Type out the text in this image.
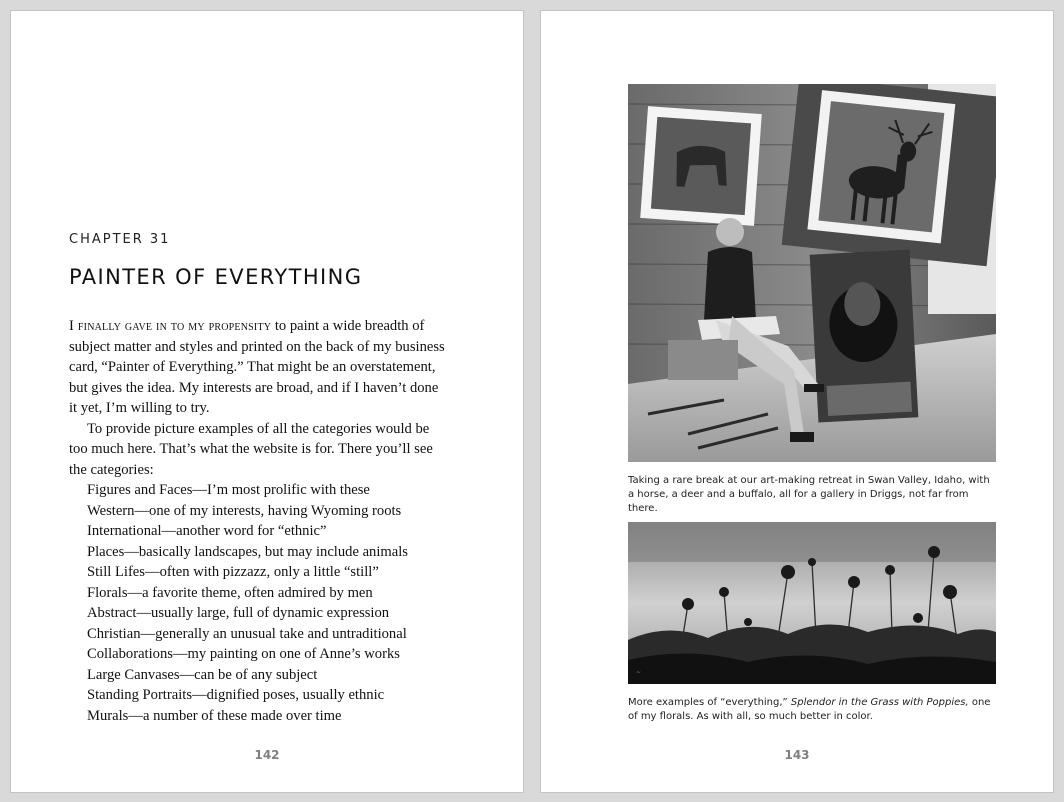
CHAPTER 31
PAINTER OF EVERYTHING

I finally gave in to my propensity to paint a wide breadth of subject matter and styles and printed on the back of my business card, “Painter of Everything.” That might be an overstatement, but gives the idea. My interests are broad, and if I haven’t done it yet, I’m willing to try.

To provide picture examples of all the categories would be too much here. That’s what the website is for. There you’ll see the categories:

Figures and Faces—I’m most prolific with these
Western—one of my interests, having Wyoming roots
International—another word for “ethnic”
Places—basically landscapes, but may include animals
Still Lifes—often with pizzazz, only a little “still”
Florals—a favorite theme, often admired by men
Abstract—usually large, full of dynamic expression
Christian—generally an unusual take and untraditional
Collaborations—my painting on one of Anne’s works
Large Canvases—can be of any subject
Standing Portraits—dignified poses, usually ethnic
Murals—a number of these made over time
142
Taking a rare break at our art-making retreat in Swan Valley, Idaho, with a horse, a deer and a buffalo, all for a gallery in Driggs, not far from there.
~
More examples of “everything,” Splendor in the Grass with Poppies, one of my florals. As with all, so much better in color.
143
